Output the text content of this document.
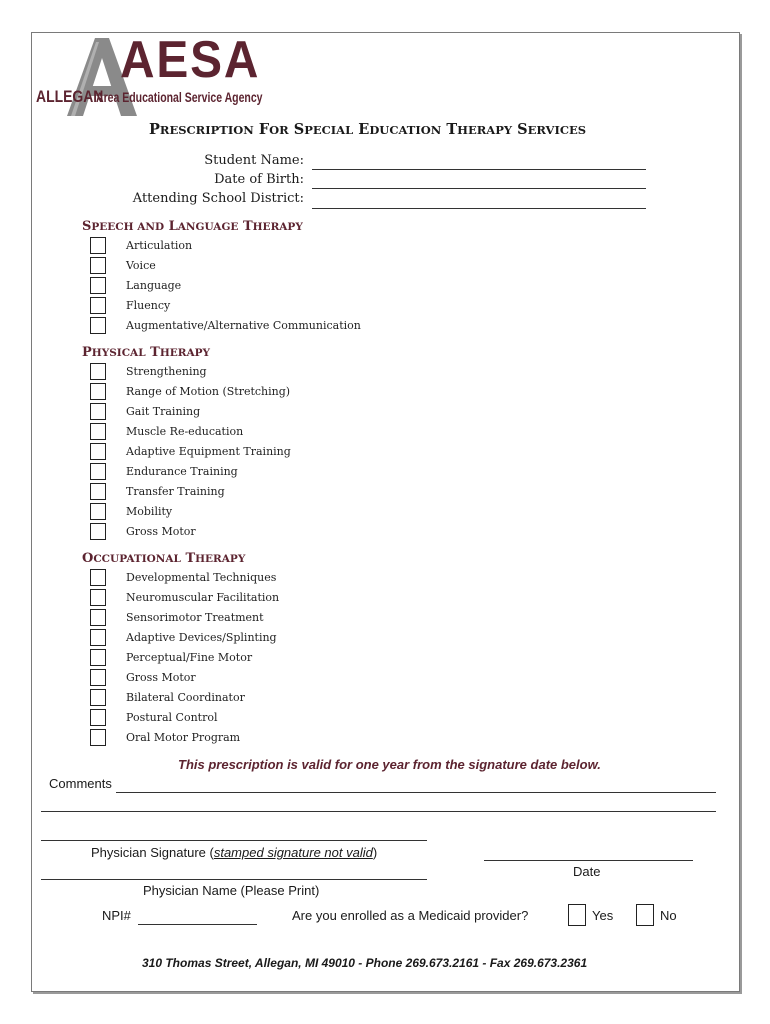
AESA
ALLEGAN
Area Educational Service Agency
PRESCRIPTION FOR SPECIAL EDUCATION THERAPY SERVICES
Student Name:
Date of Birth:
Attending School District:
SPEECH AND LANGUAGE THERAPY
Articulation
Voice
Language
Fluency
Augmentative/Alternative Communication
PHYSICAL THERAPY
Strengthening
Range of Motion (Stretching)
Gait Training
Muscle Re-education
Adaptive Equipment Training
Endurance Training
Transfer Training
Mobility
Gross Motor
OCCUPATIONAL THERAPY
Developmental Techniques
Neuromuscular Facilitation
Sensorimotor Treatment
Adaptive Devices/Splinting
Perceptual/Fine Motor
Gross Motor
Bilateral Coordinator
Postural Control
Oral Motor Program
This prescription is valid for one year from the signature date below.
Comments
Physician Signature (stamped signature not valid)
Date
Physician Name (Please Print)
NPI#	Are you enrolled as a Medicaid provider?	Yes	No
310 Thomas Street, Allegan, MI 49010 - Phone 269.673.2161 - Fax 269.673.2361
